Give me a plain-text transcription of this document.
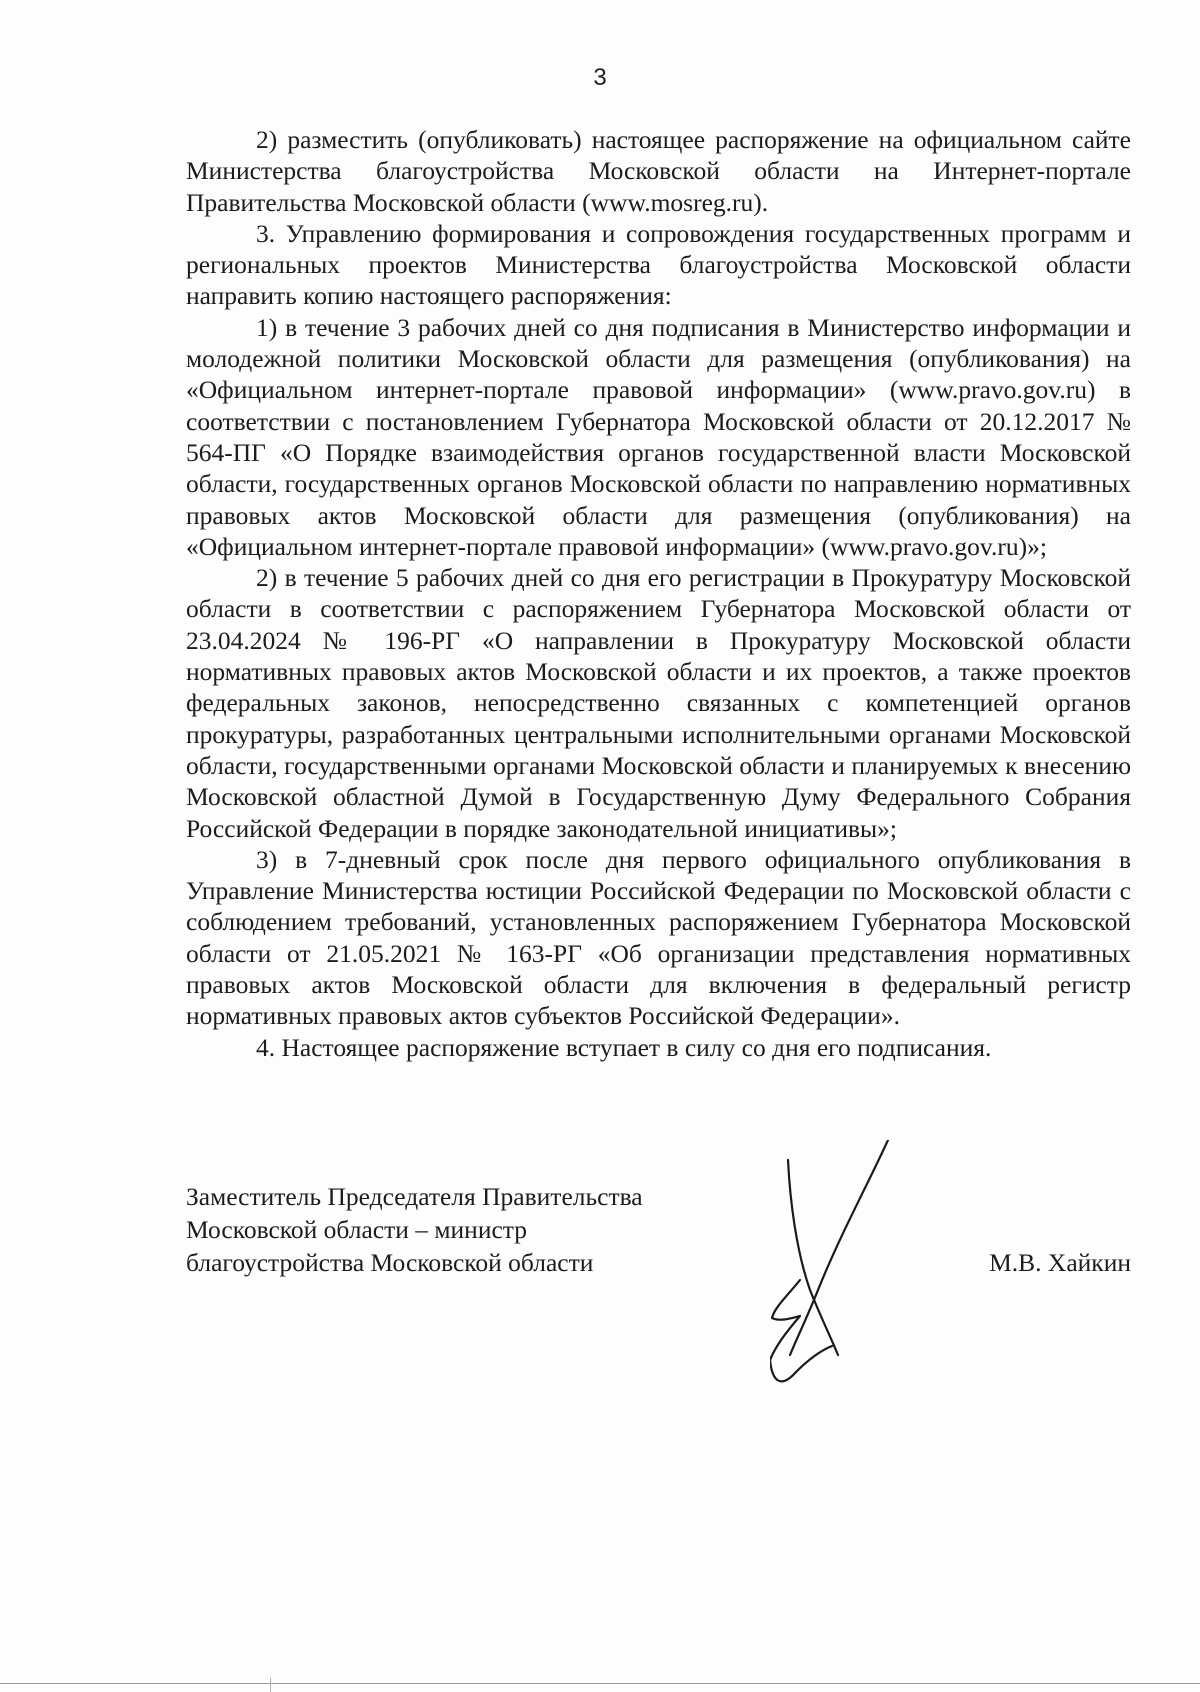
3

2) разместить (опубликовать) настоящее распоряжение на официальном сайте Министерства благоустройства Московской области на Интернет-портале Правительства Московской области (www.mosreg.ru).

3. Управлению формирования и сопровождения государственных программ и региональных проектов Министерства благоустройства Московской области направить копию настоящего распоряжения:

1) в течение 3 рабочих дней со дня подписания в Министерство информации и молодежной политики Московской области для размещения (опубликования) на «Официальном интернет-портале правовой информации» (www.pravo.gov.ru) в соответствии с постановлением Губернатора Московской области от 20.12.2017 № 564-ПГ «О Порядке взаимодействия органов государственной власти Московской области, государственных органов Московской области по направлению нормативных правовых актов Московской области для размещения (опубликования) на «Официальном интернет-портале правовой информации» (www.pravo.gov.ru)»;

2) в течение 5 рабочих дней со дня его регистрации в Прокуратуру Московской области в соответствии с распоряжением Губернатора Московской области от 23.04.2024 № 196-РГ «О направлении в Прокуратуру Московской области нормативных правовых актов Московской области и их проектов, а также проектов федеральных законов, непосредственно связанных с компетенцией органов прокуратуры, разработанных центральными исполнительными органами Московской области, государственными органами Московской области и планируемых к внесению Московской областной Думой в Государственную Думу Федерального Собрания Российской Федерации в порядке законодательной инициативы»;

3) в 7-дневный срок после дня первого официального опубликования в Управление Министерства юстиции Российской Федерации по Московской области с соблюдением требований, установленных распоряжением Губернатора Московской области от 21.05.2021 № 163-РГ «Об организации представления нормативных правовых актов Московской области для включения в федеральный регистр нормативных правовых актов субъектов Российской Федерации».

4. Настоящее распоряжение вступает в силу со дня его подписания.

Заместитель Председателя Правительства
Московской области – министр
благоустройства Московской области	М.В. Хайкин
